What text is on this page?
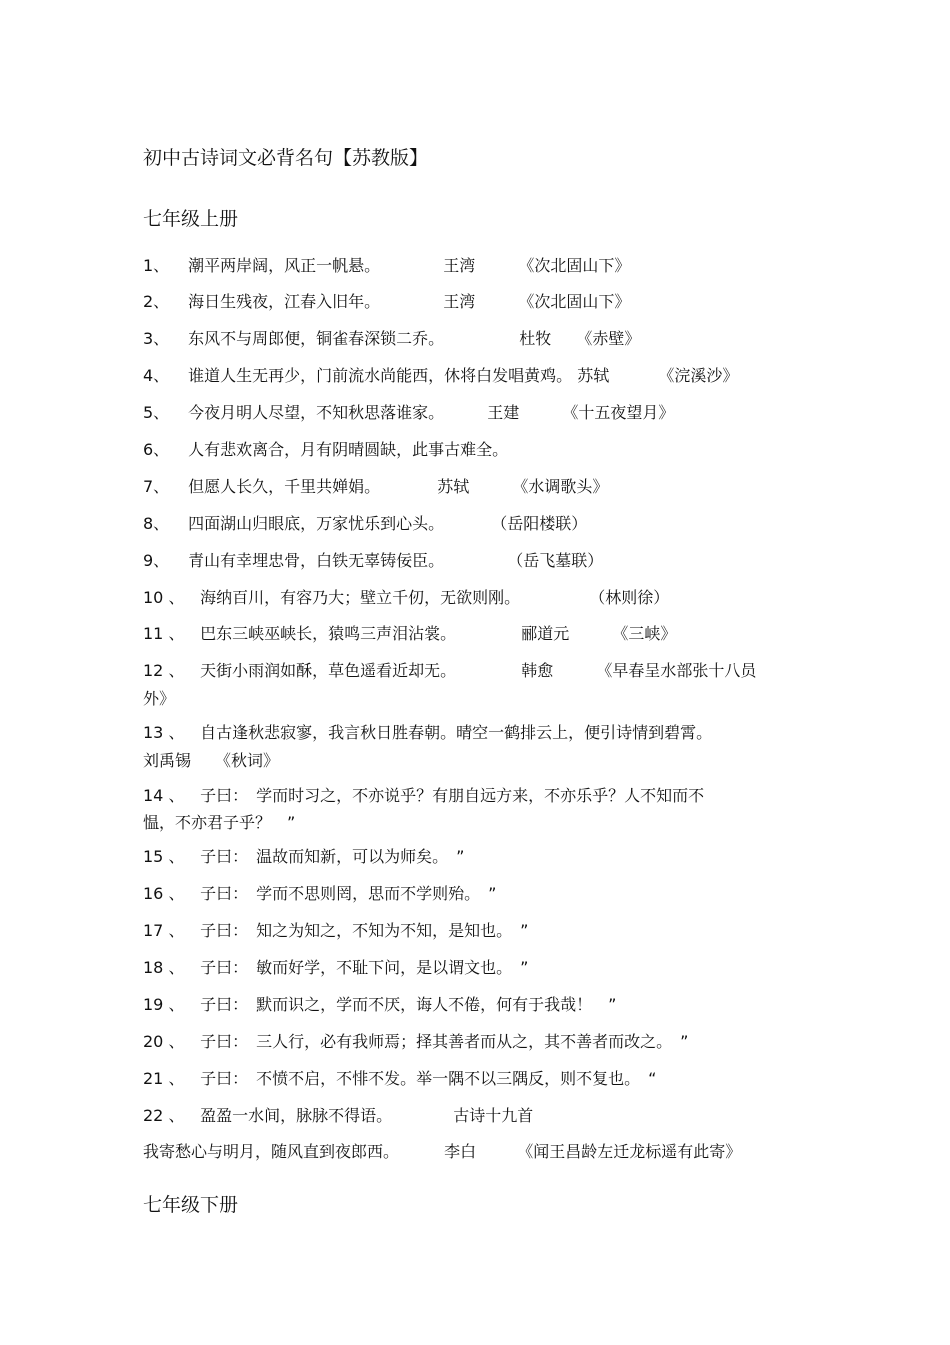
初中古诗词文必背名句【苏教版】
七年级上册
1、 潮平两岸阔，风正一帆悬。	王湾	《次北固山下》
2、 海日生残夜，江春入旧年。	王湾	《次北固山下》
3、 东风不与周郎便，铜雀春深锁二乔。	杜牧 《赤壁》
4、 谁道人生无再少，门前流水尚能西，休将白发唱黄鸡。 苏轼	《浣溪沙》
5、 今夜月明人尽望，不知秋思落谁家。	王建	《十五夜望月》
6、 人有悲欢离合，月有阴晴圆缺，此事古难全。
7、 但愿人长久，千里共婵娟。	苏轼	《水调歌头》
8、 四面湖山归眼底，万家忧乐到心头。	（岳阳楼联）
9、 青山有幸埋忠骨，白铁无辜铸佞臣。	（岳飞墓联）
10 、 海纳百川，有容乃大；壁立千仞，无欲则刚。	（林则徐）
11 、 巴东三峡巫峡长，猿鸣三声泪沾裳。	郦道元	《三峡》
12 、 天街小雨润如酥，草色遥看近却无。	韩愈	《早春呈水部张十八员
外》
13 、 自古逢秋悲寂寥，我言秋日胜春朝。晴空一鹤排云上，便引诗情到碧霄。
刘禹锡　　《秋词》
14 、 子曰：　学而时习之，不亦说乎？有朋自远方来，不亦乐乎？人不知而不
愠，不亦君子乎？　”
15 、 子曰：　温故而知新，可以为师矣。　”
16 、 子曰：　学而不思则罔，思而不学则殆。　”
17 、 子曰：　知之为知之，不知为不知，是知也。　”
18 、 子曰：　敏而好学，不耻下问，是以谓文也。　”
19 、 子曰：　默而识之，学而不厌，诲人不倦，何有于我哉！　”
20 、 子曰：　三人行，必有我师焉；择其善者而从之，其不善者而改之。　”
21 、 子曰：　不愤不启，不悱不发。举一隅不以三隅反，则不复也。　“
22 、 盈盈一水间，脉脉不得语。	古诗十九首
我寄愁心与明月，随风直到夜郎西。	李白	《闻王昌龄左迁龙标遥有此寄》
七年级下册
